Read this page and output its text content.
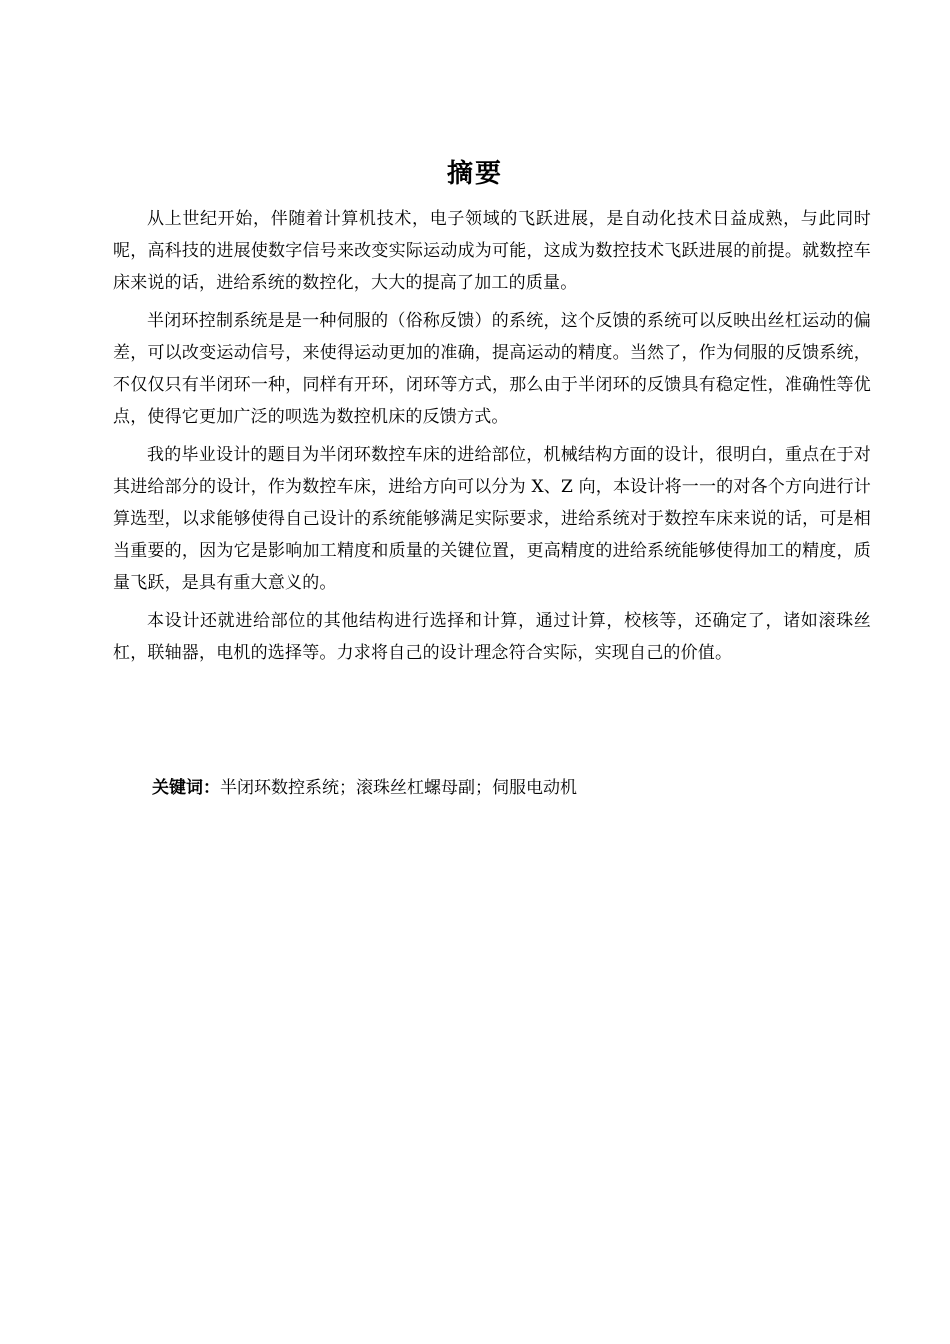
摘要

从上世纪开始，伴随着计算机技术，电子领域的飞跃进展，是自动化技术日益成熟，与此同时呢，高科技的进展使数字信号来改变实际运动成为可能，这成为数控技术飞跃进展的前提。就数控车床来说的话，进给系统的数控化，大大的提高了加工的质量。

半闭环控制系统是是一种伺服的（俗称反馈）的系统，这个反馈的系统可以反映出丝杠运动的偏差，可以改变运动信号，来使得运动更加的准确，提高运动的精度。当然了，作为伺服的反馈系统，不仅仅只有半闭环一种，同样有开环，闭环等方式，那么由于半闭环的反馈具有稳定性，准确性等优点，使得它更加广泛的呗选为数控机床的反馈方式。

我的毕业设计的题目为半闭环数控车床的进给部位，机械结构方面的设计，很明白，重点在于对其进给部分的设计，作为数控车床，进给方向可以分为 X、Z 向，本设计将一一的对各个方向进行计算选型，以求能够使得自己设计的系统能够满足实际要求，进给系统对于数控车床来说的话，可是相当重要的，因为它是影响加工精度和质量的关键位置，更高精度的进给系统能够使得加工的精度，质量飞跃，是具有重大意义的。

本设计还就进给部位的其他结构进行选择和计算，通过计算，校核等，还确定了，诸如滚珠丝杠，联轴器，电机的选择等。力求将自己的设计理念符合实际，实现自己的价值。

关键词：半闭环数控系统；滚珠丝杠螺母副；伺服电动机
